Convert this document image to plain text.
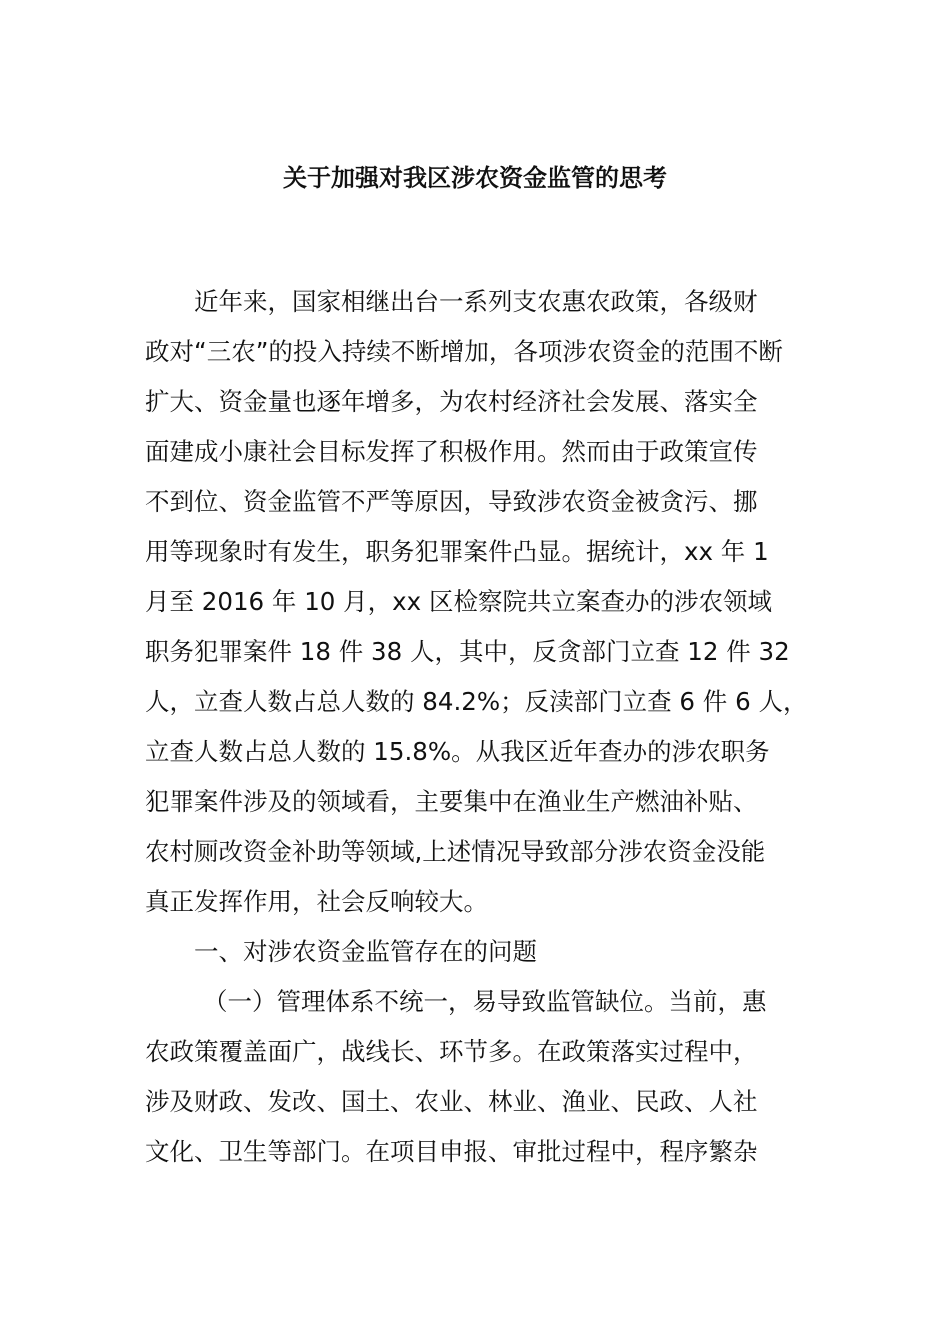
关于加强对我区涉农资金监管的思考
近年来，国家相继出台一系列支农惠农政策，各级财
政对“三农”的投入持续不断增加，各项涉农资金的范围不断
扩大、资金量也逐年增多，为农村经济社会发展、落实全
面建成小康社会目标发挥了积极作用。然而由于政策宣传
不到位、资金监管不严等原因，导致涉农资金被贪污、挪
用等现象时有发生，职务犯罪案件凸显。据统计，xx 年 1
月至 2016 年 10 月，xx 区检察院共立案查办的涉农领域
职务犯罪案件 18 件 38 人，其中，反贪部门立查 12 件 32
人，立查人数占总人数的 84.2%；反渎部门立查 6 件 6 人，
立查人数占总人数的 15.8%。从我区近年查办的涉农职务
犯罪案件涉及的领域看，主要集中在渔业生产燃油补贴、
农村厕改资金补助等领域,上述情况导致部分涉农资金没能
真正发挥作用，社会反响较大。
一、对涉农资金监管存在的问题
（一）管理体系不统一，易导致监管缺位。当前，惠
农政策覆盖面广，战线长、环节多。在政策落实过程中，
涉及财政、发改、国土、农业、林业、渔业、民政、人社
文化、卫生等部门。在项目申报、审批过程中，程序繁杂
